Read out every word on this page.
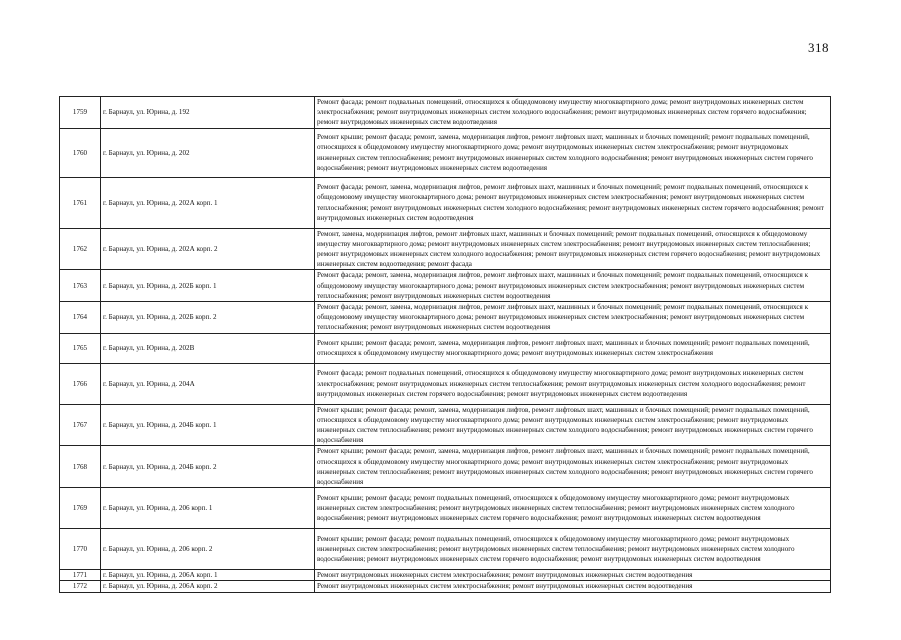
318
1759	г. Барнаул, ул. Юрина, д. 192	Ремонт фасада; ремонт подвальных помещений, относящихся к общедомовому имуществу многоквартирного дома; ремонт внутридомовых инженерных систем электроснабжения; ремонт внутридомовых инженерных систем холодного водоснабжения; ремонт внутридомовых инженерных систем горячего водоснабжения; ремонт внутридомовых инженерных систем водоотведения
1760	г. Барнаул, ул. Юрина, д. 202	Ремонт крыши; ремонт фасада; ремонт, замена, модернизация лифтов, ремонт лифтовых шахт, машинных и блочных помещений; ремонт подвальных помещений, относящихся к общедомовому имуществу многоквартирного дома; ремонт внутридомовых инженерных систем электроснабжения; ремонт внутридомовых инженерных систем теплоснабжения; ремонт внутридомовых инженерных систем холодного водоснабжения; ремонт внутридомовых инженерных систем горячего водоснабжения; ремонт внутридомовых инженерных систем водоотведения
1761	г. Барнаул, ул. Юрина, д. 202А корп. 1	Ремонт фасада; ремонт, замена, модернизация лифтов, ремонт лифтовых шахт, машинных и блочных помещений; ремонт подвальных помещений, относящихся к общедомовому имуществу многоквартирного дома; ремонт внутридомовых инженерных систем электроснабжения; ремонт внутридомовых инженерных систем теплоснабжения; ремонт внутридомовых инженерных систем холодного водоснабжения; ремонт внутридомовых инженерных систем горячего водоснабжения; ремонт внутридомовых инженерных систем водоотведения
1762	г. Барнаул, ул. Юрина, д. 202А корп. 2	Ремонт, замена, модернизация лифтов, ремонт лифтовых шахт, машинных и блочных помещений; ремонт подвальных помещений, относящихся к общедомовому имуществу многоквартирного дома; ремонт внутридомовых инженерных систем электроснабжения; ремонт внутридомовых инженерных систем теплоснабжения; ремонт внутридомовых инженерных систем холодного водоснабжения; ремонт внутридомовых инженерных систем горячего водоснабжения; ремонт внутридомовых инженерных систем водоотведения; ремонт фасада
1763	г. Барнаул, ул. Юрина, д. 202Б корп. 1	Ремонт фасада; ремонт, замена, модернизация лифтов, ремонт лифтовых шахт, машинных и блочных помещений; ремонт подвальных помещений, относящихся к общедомовому имуществу многоквартирного дома; ремонт внутридомовых инженерных систем электроснабжения; ремонт внутридомовых инженерных систем теплоснабжения; ремонт внутридомовых инженерных систем водоотведения
1764	г. Барнаул, ул. Юрина, д. 202Б корп. 2	Ремонт фасада; ремонт, замена, модернизация лифтов, ремонт лифтовых шахт, машинных и блочных помещений; ремонт подвальных помещений, относящихся к общедомовому имуществу многоквартирного дома; ремонт внутридомовых инженерных систем электроснабжения; ремонт внутридомовых инженерных систем теплоснабжения; ремонт внутридомовых инженерных систем водоотведения
1765	г. Барнаул, ул. Юрина, д. 202В	Ремонт крыши; ремонт фасада; ремонт, замена, модернизация лифтов, ремонт лифтовых шахт, машинных и блочных помещений; ремонт подвальных помещений, относящихся к общедомовому имуществу многоквартирного дома; ремонт внутридомовых инженерных систем электроснабжения
1766	г. Барнаул, ул. Юрина, д. 204А	Ремонт фасада; ремонт подвальных помещений, относящихся к общедомовому имуществу многоквартирного дома; ремонт внутридомовых инженерных систем электроснабжения; ремонт внутридомовых инженерных систем теплоснабжения; ремонт внутридомовых инженерных систем холодного водоснабжения; ремонт внутридомовых инженерных систем горячего водоснабжения; ремонт внутридомовых инженерных систем водоотведения
1767	г. Барнаул, ул. Юрина, д. 204Б корп. 1	Ремонт крыши; ремонт фасада; ремонт, замена, модернизация лифтов, ремонт лифтовых шахт, машинных и блочных помещений; ремонт подвальных помещений, относящихся к общедомовому имуществу многоквартирного дома; ремонт внутридомовых инженерных систем электроснабжения; ремонт внутридомовых инженерных систем теплоснабжения; ремонт внутридомовых инженерных систем холодного водоснабжения; ремонт внутридомовых инженерных систем горячего водоснабжения
1768	г. Барнаул, ул. Юрина, д. 204Б корп. 2	Ремонт крыши; ремонт фасада; ремонт, замена, модернизация лифтов, ремонт лифтовых шахт, машинных и блочных помещений; ремонт подвальных помещений, относящихся к общедомовому имуществу многоквартирного дома; ремонт внутридомовых инженерных систем электроснабжения; ремонт внутридомовых инженерных систем теплоснабжения; ремонт внутридомовых инженерных систем холодного водоснабжения; ремонт внутридомовых инженерных систем горячего водоснабжения
1769	г. Барнаул, ул. Юрина, д. 206 корп. 1	Ремонт крыши; ремонт фасада; ремонт подвальных помещений, относящихся к общедомовому имуществу многоквартирного дома; ремонт внутридомовых инженерных систем электроснабжения; ремонт внутридомовых инженерных систем теплоснабжения; ремонт внутридомовых инженерных систем холодного водоснабжения; ремонт внутридомовых инженерных систем горячего водоснабжения; ремонт внутридомовых инженерных систем водоотведения
1770	г. Барнаул, ул. Юрина, д. 206 корп. 2	Ремонт крыши; ремонт фасада; ремонт подвальных помещений, относящихся к общедомовому имуществу многоквартирного дома; ремонт внутридомовых инженерных систем электроснабжения; ремонт внутридомовых инженерных систем теплоснабжения; ремонт внутридомовых инженерных систем холодного водоснабжения; ремонт внутридомовых инженерных систем горячего водоснабжения; ремонт внутридомовых инженерных систем водоотведения
1771	г. Барнаул, ул. Юрина, д. 206А корп. 1	Ремонт внутридомовых инженерных систем электроснабжения; ремонт внутридомовых инженерных систем водоотведения
1772	г. Барнаул, ул. Юрина, д. 206А корп. 2	Ремонт внутридомовых инженерных систем электроснабжения; ремонт внутридомовых инженерных систем водоотведения
